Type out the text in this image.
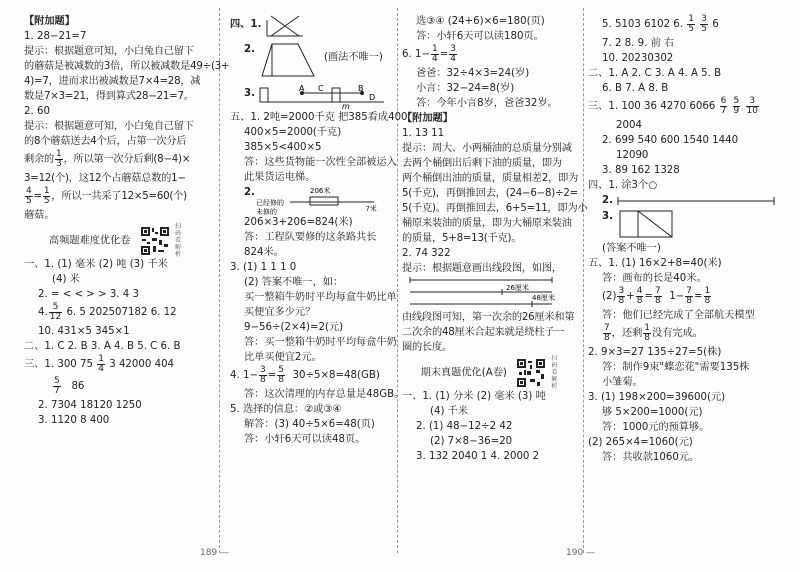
【附加题】
1. 28−21=7
提示：根据题意可知，小白兔自己留下
的蘑菇是被减数的3倍，所以被减数是49÷(3+
4)=7，进而求出被减数是7×4=28，减
数是7×3=21，得到算式28−21=7。
2. 60
提示：根据题意可知，小白兔自己留下
的8个蘑菇送去4个后，占第一次分后
剩余的 $\frac{1}{3}$ ，所以第一次分后剩(8−4)×
3=12(个)，这12个占蘑菇总数的1−
$\frac{4}{5} = \frac{1}{5}$ ，所以一共采了12×5=60(个)
蘑菇。
高频题难度优化卷  扫码看解析
一、1. (1) 毫米 (2) 吨 (3) 千米
(4) 米
2. = < < > > 3. 4 3
4. $\frac{5}{12} 6$. 5 202507182 6. 12
10. 431×5 345×1
二、1. C 2. B 3. A 4. B 5. C 6. B
三、1. 300 $75 \frac{1}{4} 3$ 42000 404
$\frac{5}{7} 86$
2. 7304 18120 1250
3. 1120 8 400
四、1.
2.
(画法不唯一)
3.	A	B
C
D
m
五、1. 2吨=2000千克 把385看成400
400×5=2000(千克)
385×5<400×5
答：这些货物能一次性全部被运入
此果货运电梯。
2.	206米
已经修的
?米
未修的
206×3+206=824(米)
答：工程队要修的这条路共长
824米。
3. (1) 1 1 1 0
(2) 答案不唯一，如：
买一整箱牛奶时平均每盒牛奶比单
买便宜多少元？
9−56÷(2×4)=2(元)
答：买一整箱牛奶时平均每盒牛奶
比单买便宜2元。
4. $1- \frac{3}{8} = \frac{5}{8} 30\div 5\times 8=48(GB)$
答：这次清理的内存总量是48GB。
5. 选择的信息：②或③④
解答：(3) 40÷5×6=48(页)
答：小轩6天可以读48页。
189 —
选③④ (24+6)×6=180(页)
答：小轩6天可以读180页。
6. $1- \frac{1}{4} = \frac{3}{4}$
爸爸：32÷4×3=24(岁)
小言：32−24=8(岁)
答：今年小言8岁，爸爸32岁。
【附加题】
1. 13 11
提示：周大、小两桶油的总质量分别减
去两个桶倒出后剩下油的质量，即为
两个桶倒出油的质量，质量相差2，即为
5(千克)，再倒推回去，(24−6−8)÷2=
5(千克)。再倒推回去，6+5=11，即为小
桶原来装油的质量，即为大桶原来装油
的质量，5+8=13(千克)。
2. 74 322
提示：根据题意画出线段图，如图，
26厘米
48厘米
由线段图可知，第一次余的26厘米和第
二次余的48厘米合起来就是绕柱子一
圈的长度。
期末真题优化(A卷)  扫码看解析
一、1. (1) 分米 (2) 毫米 (3) 吨
(4) 千米
2. (1) 48−12÷2 42
(2) 7×8−36=20
3. 132 2040 1 4. 2000 2
190 —
5. 5103 6102 6. $\frac{1}{5}$
$\frac{3}{5} 6$
7. 2 8. 9. 前 右
10. 20230302
二、1. A 2. C 3. A 4. A 5. B
6. B 7. A 8. B
三、1. 100 36 4270 $6066 \frac{6}{7}$
$\frac{5}{9}$
$\frac{3}{10}$
2004
2. 699 540 600 1540 1440
12090
3. 89 162 1328
四、1. 涂3个○
2.
3.
(答案不唯一)
五、1. (1) 16×2+8=40(米)
答：画布的长是40米。
$(2) \frac{3}{8} + \frac{4}{8} = \frac{7}{8} 1- \frac{7}{8} = \frac{1}{8}$
答：他们已经完成了全部航天模型
$\frac{7}{8}$ ，还剩 $\frac{1}{8}$ 没有完成。
2. 9×3=27 135÷27=5(株)
答：制作9束"蝶恋花"需要135株
小雏菊。
3. (1) 198×200=39600(元)
够 5×200=1000(元)
答：1000元的预算够。
(2) 265×4=1060(元)
答：共收款1060元。
